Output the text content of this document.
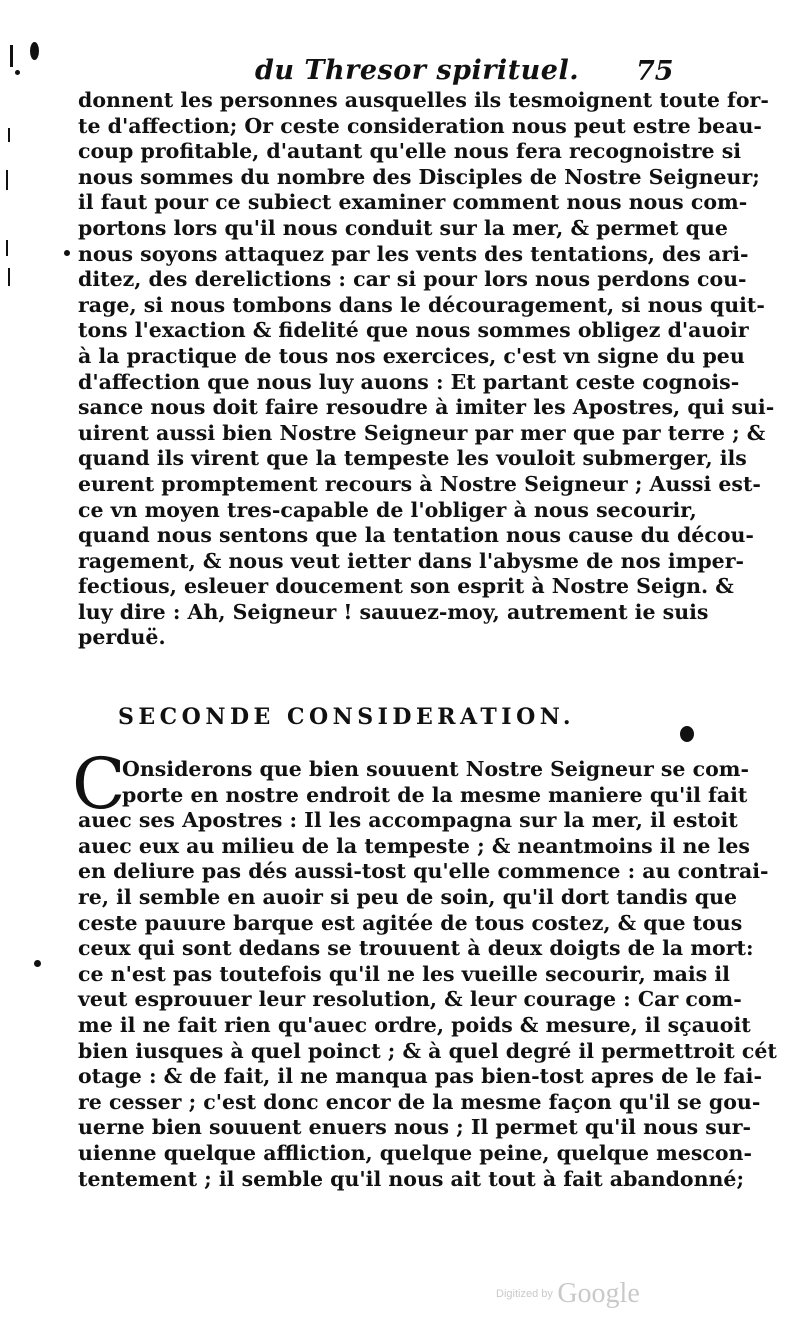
du Thresor spirituel. 75
donnent les personnes ausquelles ils tesmoignent toute for-
te d'affection; Or ceste consideration nous peut estre beau-
coup profitable, d'autant qu'elle nous fera recognoistre si
nous sommes du nombre des Disciples de Nostre Seigneur;
il faut pour ce subiect examiner comment nous nous com-
portons lors qu'il nous conduit sur la mer, & permet que
nous soyons attaquez par les vents des tentations, des ari-
ditez, des derelictions : car si pour lors nous perdons cou-
rage, si nous tombons dans le découragement, si nous quit-
tons l'exaction & fidelité que nous sommes obligez d'auoir
à la practique de tous nos exercices, c'est vn signe du peu
d'affection que nous luy auons : Et partant ceste cognois-
sance nous doit faire resoudre à imiter les Apostres, qui sui-
uirent aussi bien Nostre Seigneur par mer que par terre ; &
quand ils virent que la tempeste les vouloit submerger, ils
eurent promptement recours à Nostre Seigneur ; Aussi est-
ce vn moyen tres-capable de l'obliger à nous secourir,
quand nous sentons que la tentation nous cause du décou-
ragement, & nous veut ietter dans l'abysme de nos imper-
fectious, esleuer doucement son esprit à Nostre Seign. &
luy dire : Ah, Seigneur ! sauuez-moy, autrement ie suis
perduë.
SECONDE CONSIDERATION.
C
Onsiderons que bien souuent Nostre Seigneur se com-
porte en nostre endroit de la mesme maniere qu'il fait
auec ses Apostres : Il les accompagna sur la mer, il estoit
auec eux au milieu de la tempeste ; & neantmoins il ne les
en deliure pas dés aussi-tost qu'elle commence : au contrai-
re, il semble en auoir si peu de soin, qu'il dort tandis que
ceste pauure barque est agitée de tous costez, & que tous
ceux qui sont dedans se trouuent à deux doigts de la mort:
ce n'est pas toutefois qu'il ne les vueille secourir, mais il
veut esprouuer leur resolution, & leur courage : Car com-
me il ne fait rien qu'auec ordre, poids & mesure, il sçauoit
bien iusques à quel poinct ; & à quel degré il permettroit cét
otage : & de fait, il ne manqua pas bien-tost apres de le fai-
re cesser ; c'est donc encor de la mesme façon qu'il se gou-
uerne bien souuent enuers nous ; Il permet qu'il nous sur-
uienne quelque affliction, quelque peine, quelque mescon-
tentement ; il semble qu'il nous ait tout à fait abandonné;
Digitized by Google
